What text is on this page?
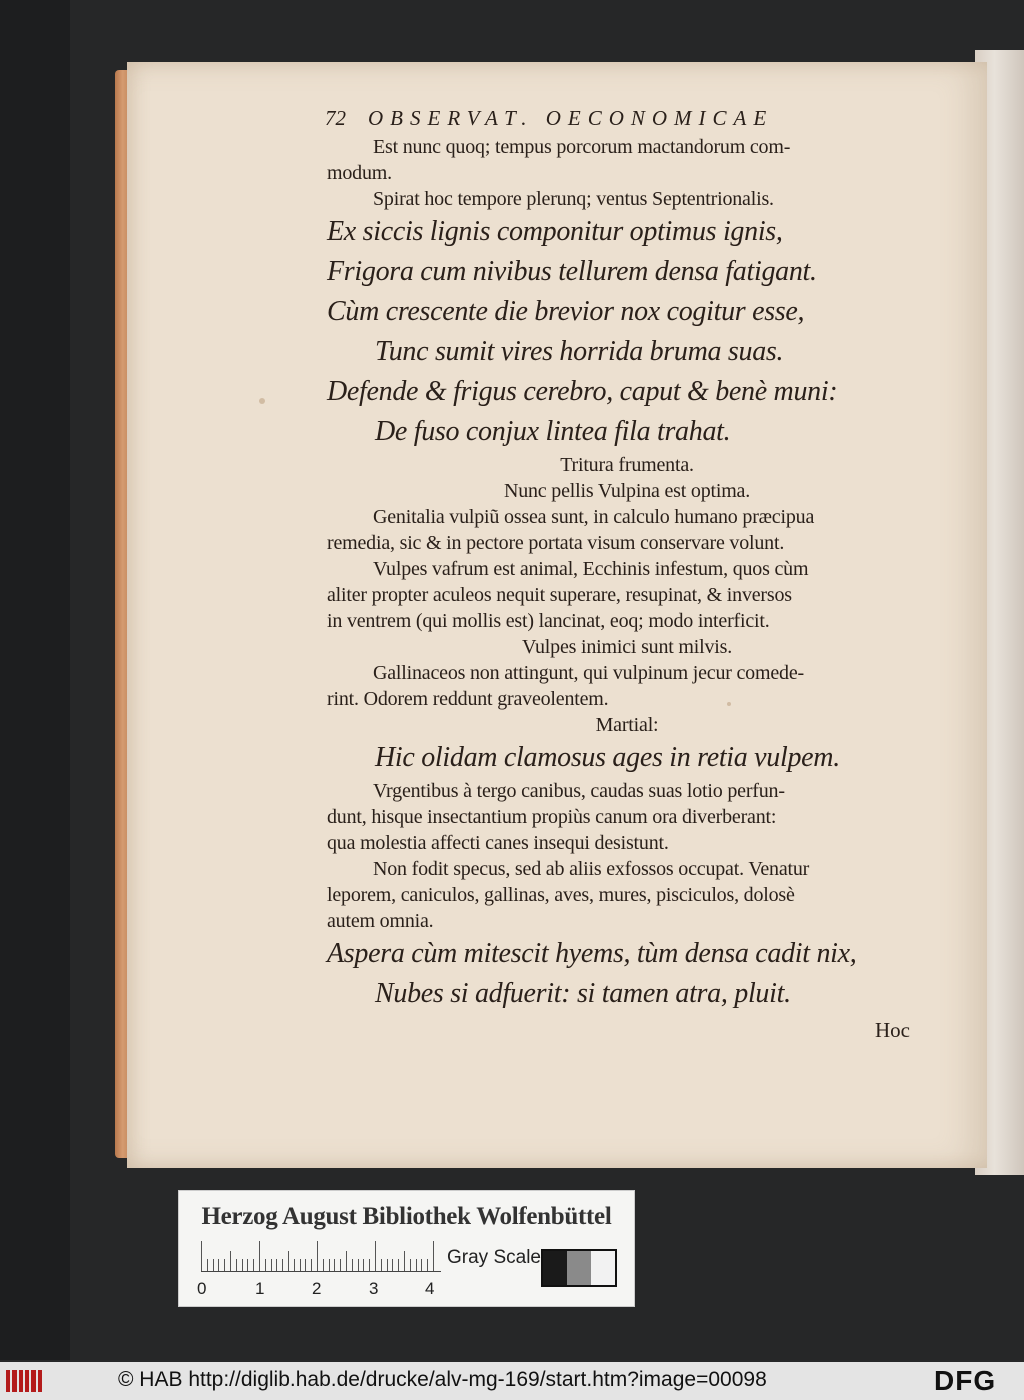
72 OBSERVAT. OECONOMICAE
Est nunc quoq; tempus porcorum mactandorum com-
modum.
Spirat hoc tempore plerunq; ventus Septentrionalis.
Ex siccis lignis componitur optimus ignis,
Frigora cum nivibus tellurem densa fatigant.
Cùm crescente die brevior nox cogitur esse,
Tunc sumit vires horrida bruma suas.
Defende & frigus cerebro, caput & benè muni:
De fuso conjux lintea fila trahat.
Tritura frumenta.
Nunc pellis Vulpina est optima.
Genitalia vulpiũ ossea sunt, in calculo humano præcipua
remedia, sic & in pectore portata visum conservare volunt.
Vulpes vafrum est animal, Ecchinis infestum, quos cùm
aliter propter aculeos nequit superare, resupinat, & inversos
in ventrem (qui mollis est) lancinat, eoq; modo interficit.
Vulpes inimici sunt milvis.
Gallinaceos non attingunt, qui vulpinum jecur comede-
rint. Odorem reddunt graveolentem.
Martial:
Hic olidam clamosus ages in retia vulpem.
Vrgentibus à tergo canibus, caudas suas lotio perfun-
dunt, hisque insectantium propiùs canum ora diverberant:
qua molestia affecti canes insequi desistunt.
Non fodit specus, sed ab aliis exfossos occupat. Venatur
leporem, caniculos, gallinas, aves, mures, pisciculos, dolosè
autem omnia.
Aspera cùm mitescit hyems, tùm densa cadit nix,
Nubes si adfuerit: si tamen atra, pluit.
Hoc
Herzog August Bibliothek Wolfenbüttel
0	1	2	3	4
Gray Scale
© HAB http://diglib.hab.de/drucke/alv-mg-169/start.htm?image=00098	DFG
